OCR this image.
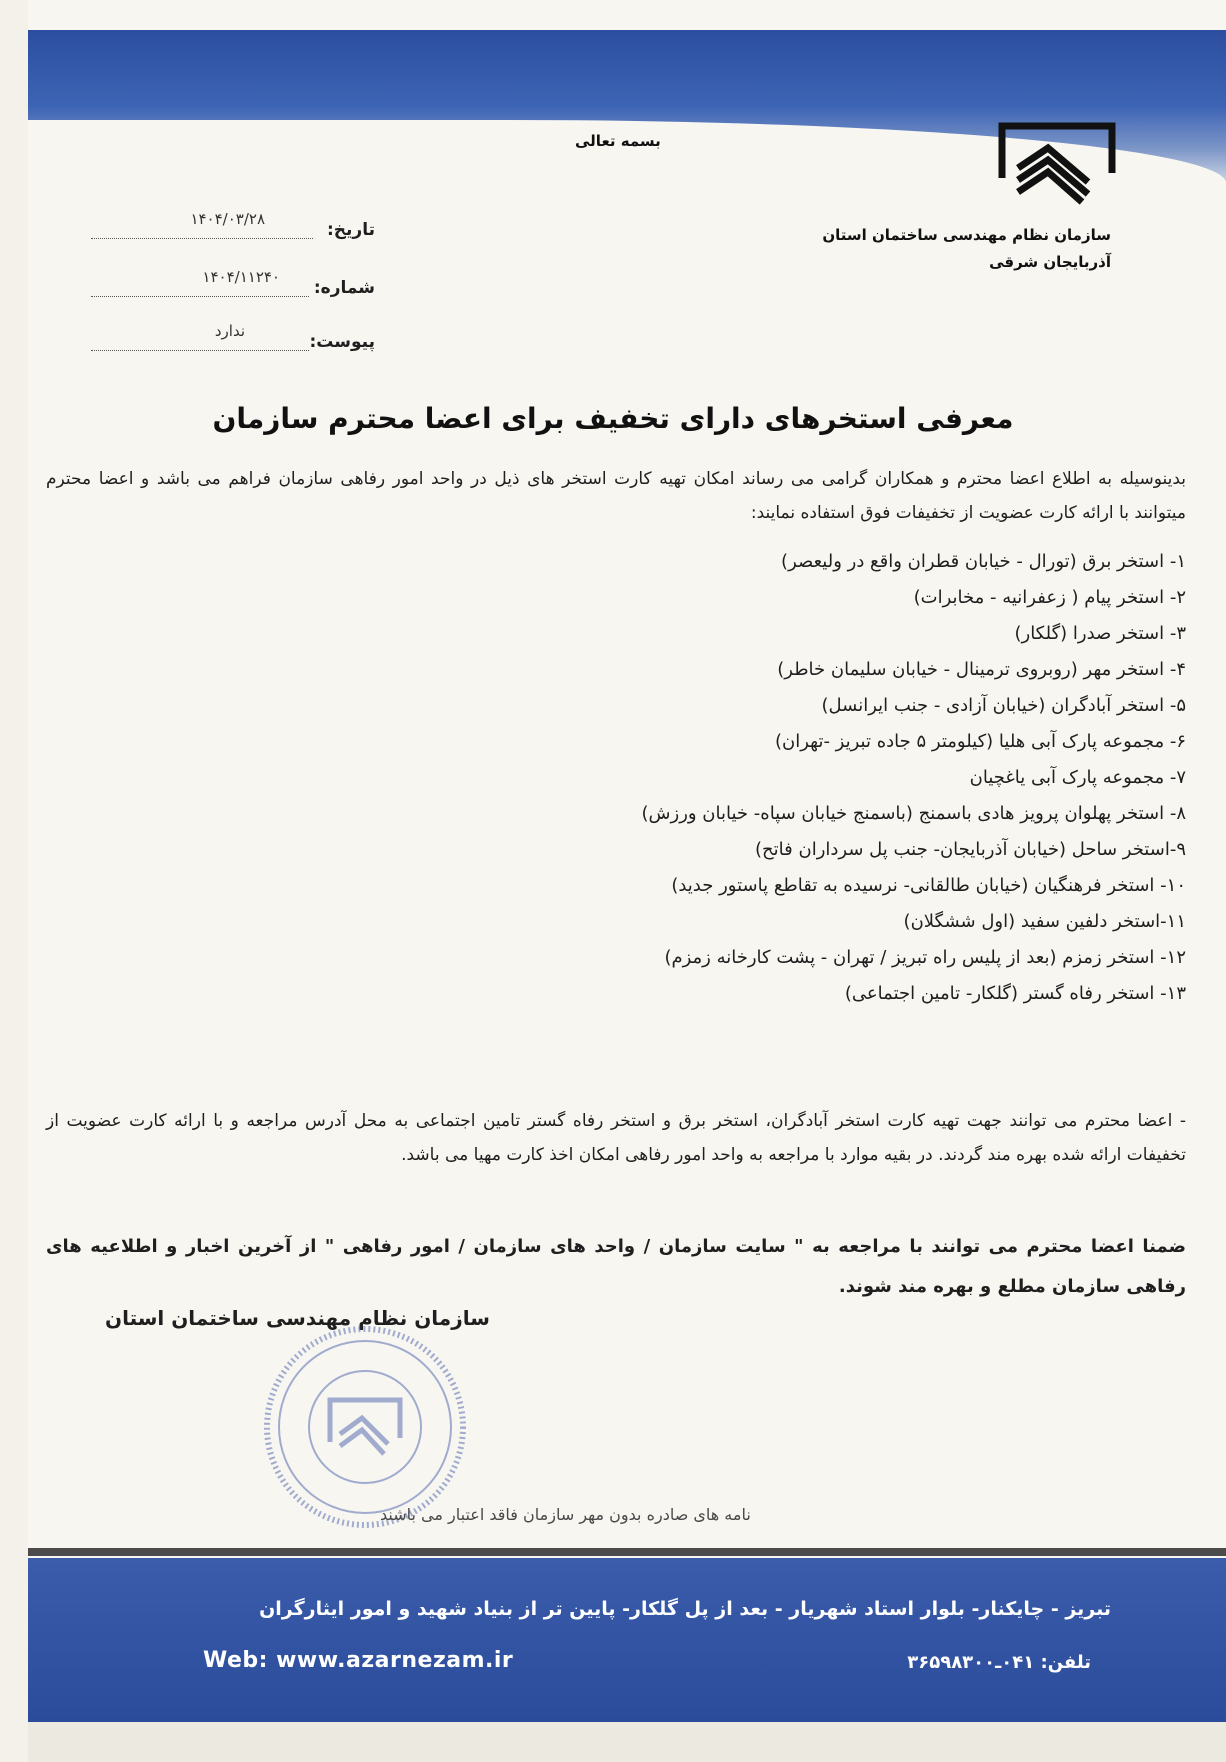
بسمه تعالی
سازمان نظام مهندسی ساختمان استان
آذربایجان شرقی
تاریخ:
۱۴۰۴/۰۳/۲۸
شماره:
۱۴۰۴/۱۱۲۴۰
پیوست:
ندارد
معرفی استخرهای دارای تخفیف برای اعضا محترم سازمان
بدینوسیله به اطلاع اعضا محترم و همکاران گرامی می رساند امکان تهیه کارت استخر های ذیل در واحد امور رفاهی سازمان فراهم می باشد و اعضا محترم میتوانند با ارائه کارت عضویت از تخفیفات فوق استفاده نمایند:
۱- استخر برق (تورال - خیابان قطران واقع در ولیعصر)
۲- استخر پیام ( زعفرانیه - مخابرات)
۳- استخر صدرا (گلکار)
۴- استخر مهر (روبروی ترمینال - خیابان سلیمان خاطر)
۵- استخر آبادگران (خیابان آزادی - جنب ایرانسل)
۶- مجموعه پارک آبی هلیا (کیلومتر ۵ جاده تبریز -تهران)
۷- مجموعه پارک آبی یاغچیان
۸- استخر پهلوان پرویز هادی باسمنج (باسمنج خیابان سپاه- خیابان ورزش)
۹-استخر ساحل (خیابان آذربایجان- جنب پل سرداران فاتح)
۱۰- استخر فرهنگیان (خیابان طالقانی- نرسیده به تقاطع پاستور جدید)
۱۱-استخر دلفین سفید (اول ششگلان)
۱۲- استخر زمزم (بعد از پلیس راه تبریز / تهران - پشت کارخانه زمزم)
۱۳- استخر رفاه گستر (گلکار- تامین اجتماعی)
- اعضا محترم می توانند جهت تهیه کارت استخر آبادگران، استخر برق و استخر رفاه گستر تامین اجتماعی به محل آدرس مراجعه و با ارائه کارت عضویت از تخفیفات ارائه شده بهره مند گردند. در بقیه موارد با مراجعه به واحد امور رفاهی امکان اخذ کارت مهیا می باشد.
ضمنا اعضا محترم می توانند با مراجعه به " سایت سازمان / واحد های سازمان / امور رفاهی " از آخرین اخبار و اطلاعیه های رفاهی سازمان مطلع و بهره مند شوند.
سازمان نظام مهندسی ساختمان استان
نامه های صادره بدون مهر سازمان فاقد اعتبار می باشند
تبریز - چایکنار- بلوار استاد شهریار - بعد از پل گلکار- پایین تر از بنیاد شهید و امور ایثارگران
Web: www.azarnezam.ir	تلفن: ۰۴۱ـ۳۶۵۹۸۳۰۰
